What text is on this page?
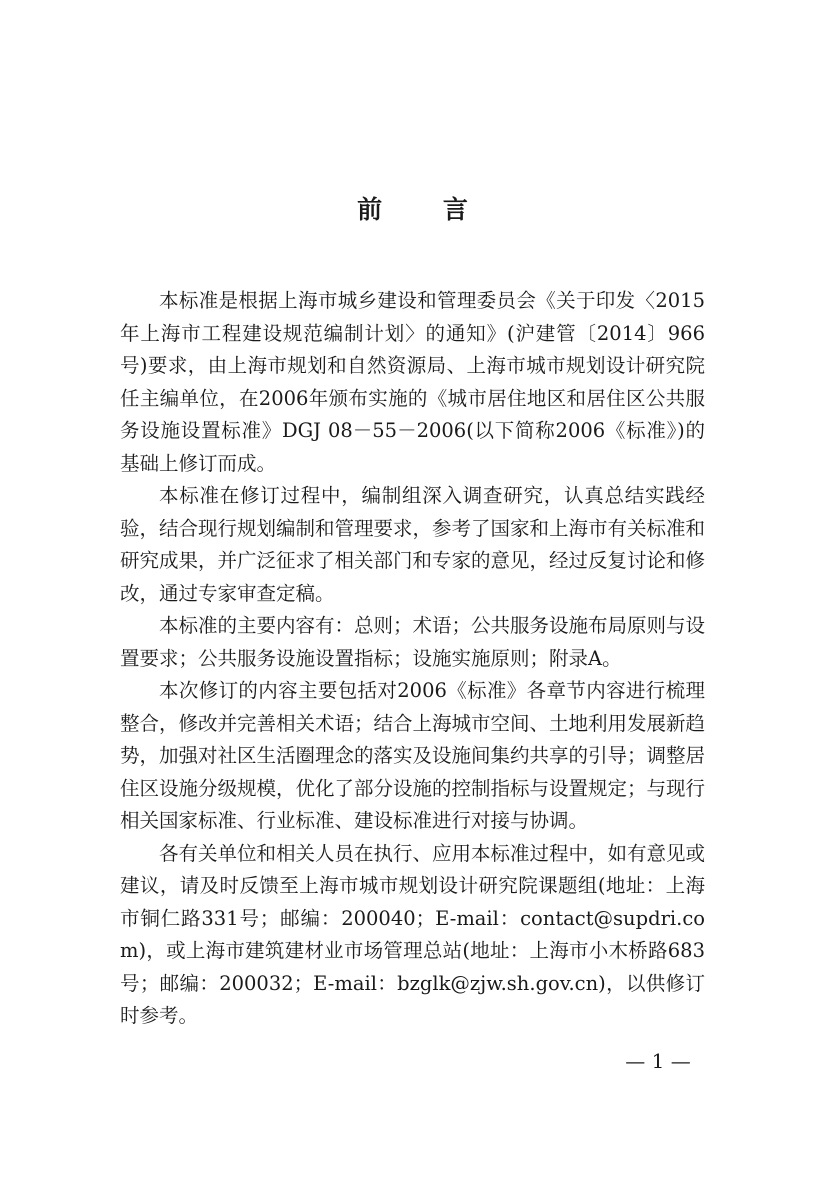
前 言

本标准是根据上海市城乡建设和管理委员会《关于印发〈2015年上海市工程建设规范编制计划〉的通知》(沪建管〔2014〕966号)要求，由上海市规划和自然资源局、上海市城市规划设计研究院任主编单位，在2006年颁布实施的《城市居住地区和居住区公共服务设施设置标准》DGJ 08－55－2006(以下简称2006《标准》)的基础上修订而成。

本标准在修订过程中，编制组深入调查研究，认真总结实践经验，结合现行规划编制和管理要求，参考了国家和上海市有关标准和研究成果，并广泛征求了相关部门和专家的意见，经过反复讨论和修改，通过专家审查定稿。

本标准的主要内容有：总则；术语；公共服务设施布局原则与设置要求；公共服务设施设置指标；设施实施原则；附录A。

本次修订的内容主要包括对2006《标准》各章节内容进行梳理整合，修改并完善相关术语；结合上海城市空间、土地利用发展新趋势，加强对社区生活圈理念的落实及设施间集约共享的引导；调整居住区设施分级规模，优化了部分设施的控制指标与设置规定；与现行相关国家标准、行业标准、建设标准进行对接与协调。

各有关单位和相关人员在执行、应用本标准过程中，如有意见或建议，请及时反馈至上海市城市规划设计研究院课题组(地址：上海市铜仁路331号；邮编：200040；E-mail：contact@supdri.com)，或上海市建筑建材业市场管理总站(地址：上海市小木桥路683号；邮编：200032；E-mail：bzglk@zjw.sh.gov.cn)，以供修订时参考。

— 1 —
